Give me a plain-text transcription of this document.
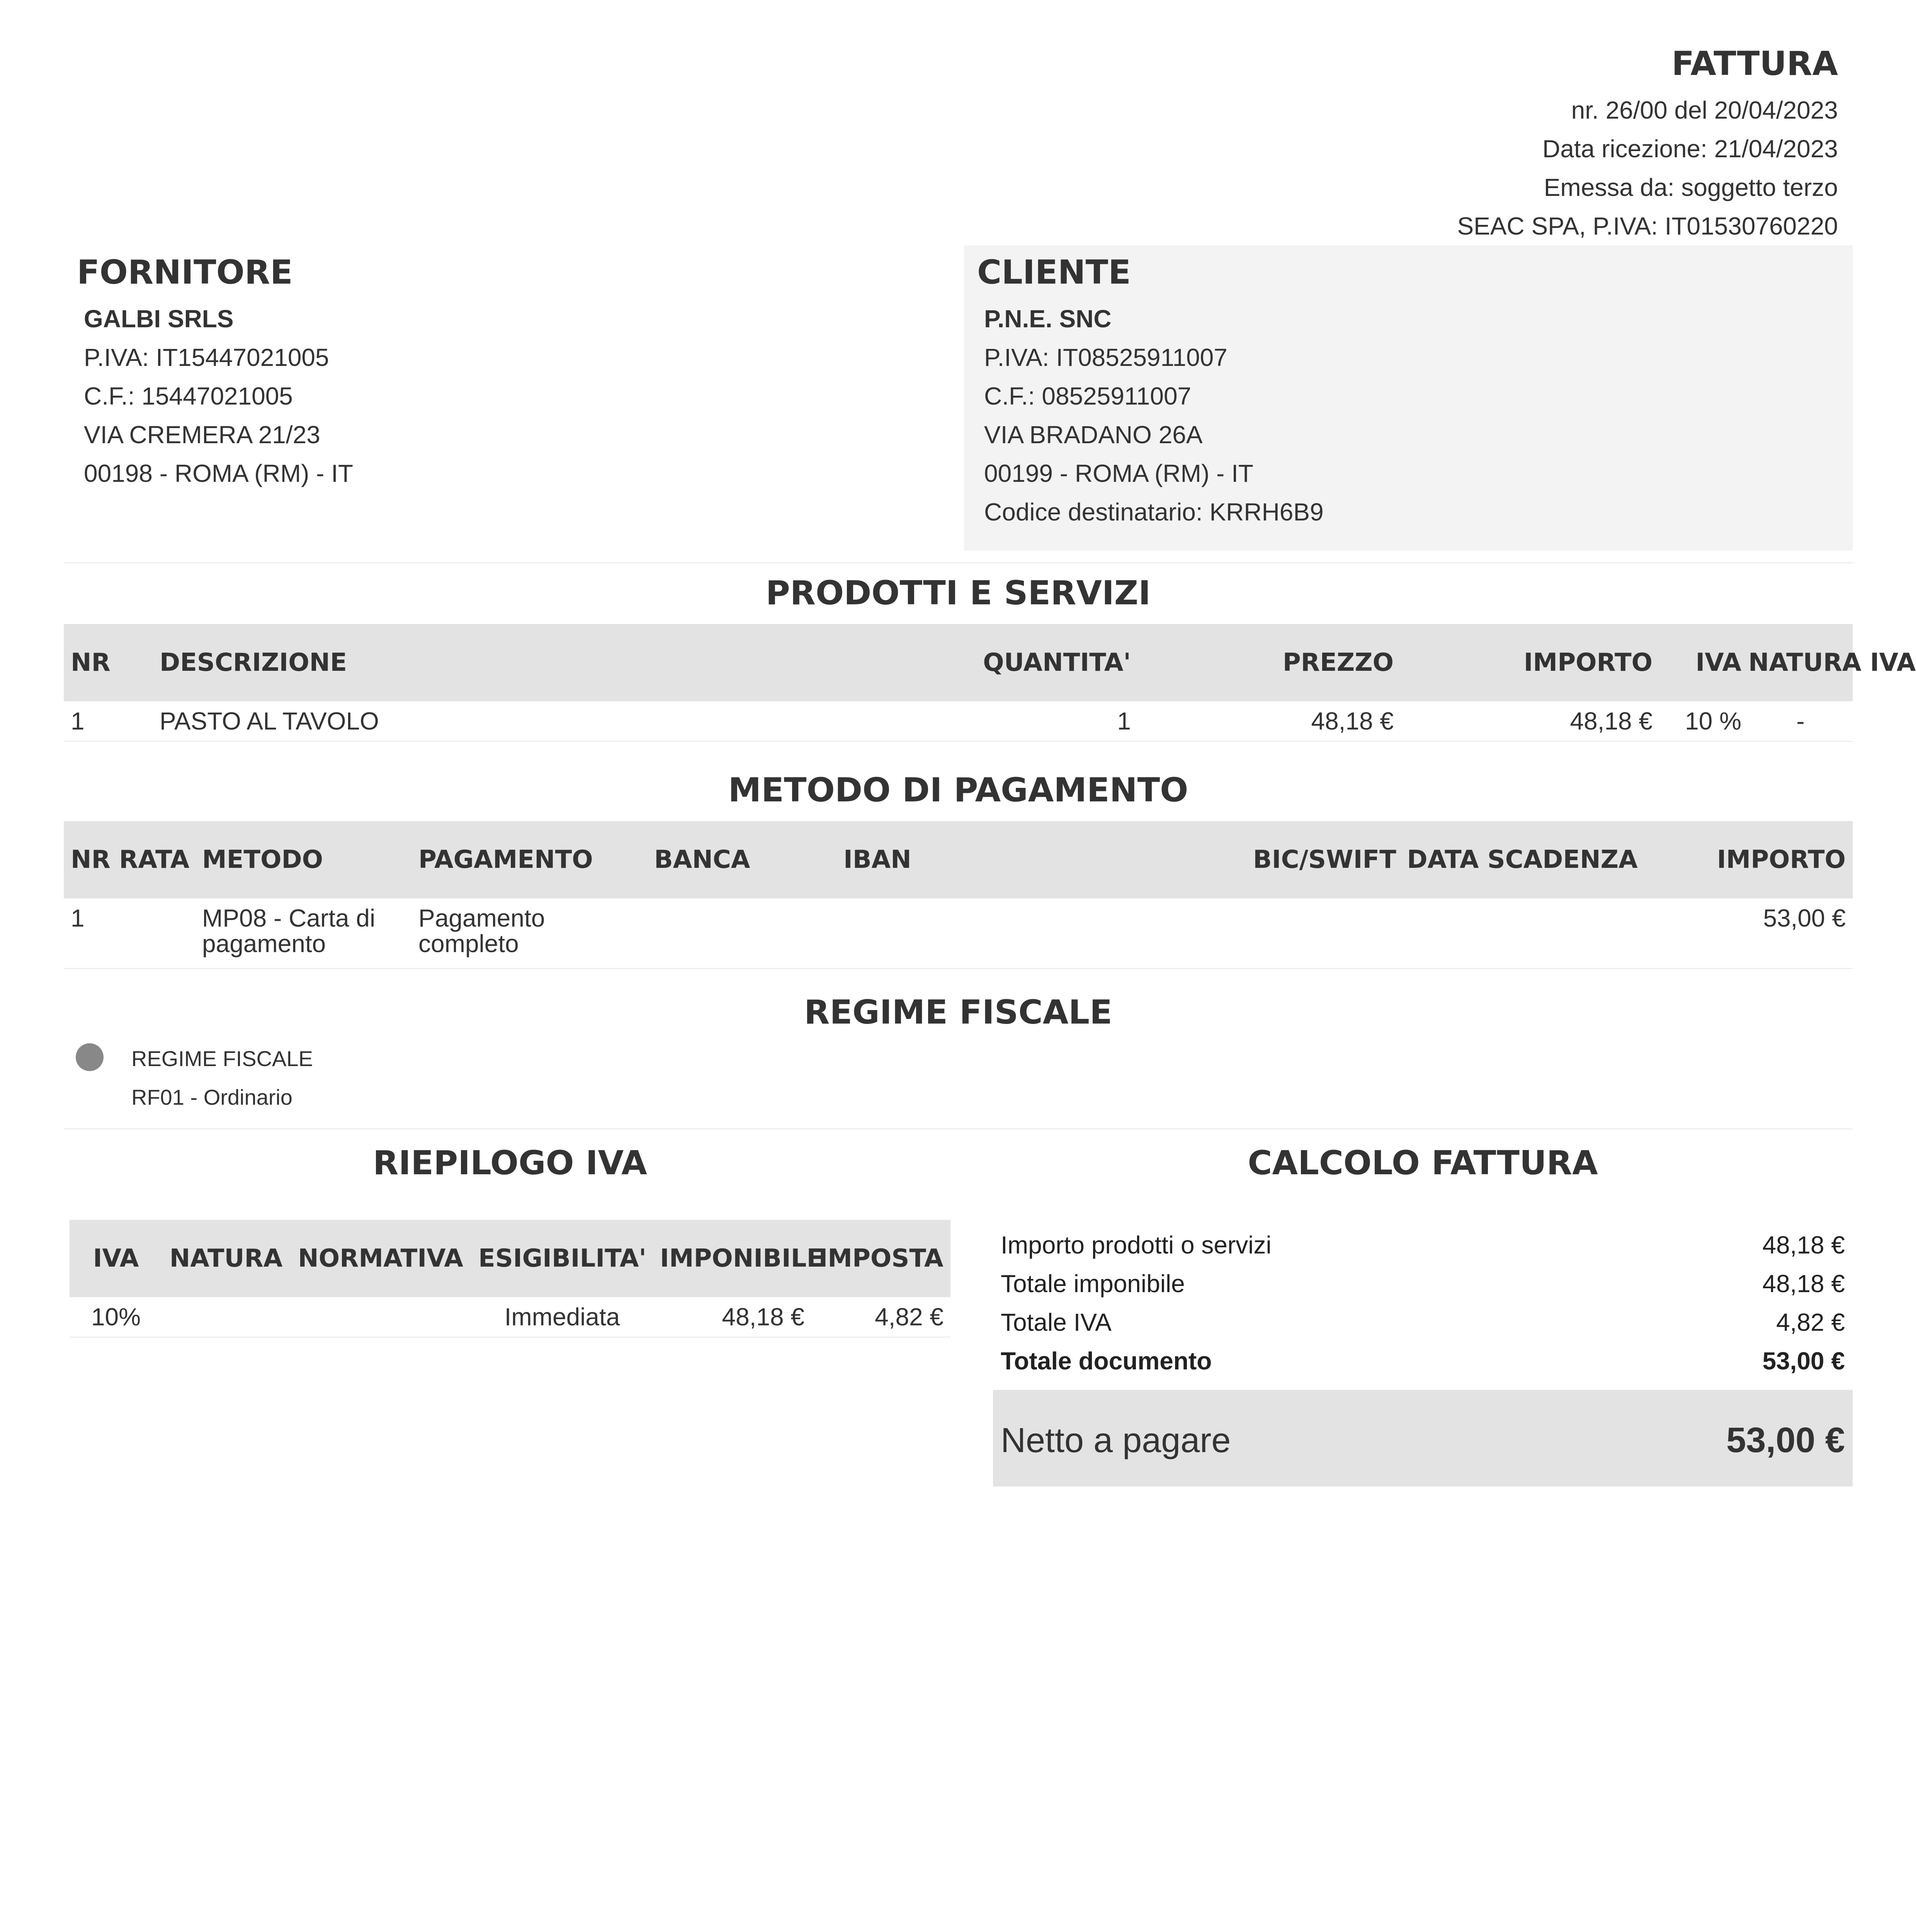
FATTURA
nr. 26/00 del 20/04/2023
Data ricezione: 21/04/2023
Emessa da: soggetto terzo
SEAC SPA, P.IVA: IT01530760220
FORNITORE
GALBI SRLS
P.IVA: IT15447021005
C.F.: 15447021005
VIA CREMERA 21/23
00198 - ROMA (RM) - IT
CLIENTE
P.N.E. SNC
P.IVA: IT08525911007
C.F.: 08525911007
VIA BRADANO 26A
00199 - ROMA (RM) - IT
Codice destinatario: KRRH6B9
PRODOTTI E SERVIZI
NR	DESCRIZIONE	QUANTITA'	PREZZO	IMPORTO	IVA	NATURA IVA
1	PASTO AL TAVOLO	1	48,18 €	48,18 €	10 %	-
METODO DI PAGAMENTO
NR RATA	METODO	PAGAMENTO	BANCA	IBAN	BIC/SWIFT	DATA SCADENZA	IMPORTO
1	MP08 - Carta di pagamento	Pagamento completo					53,00 €
REGIME FISCALE
REGIME FISCALE
RF01 - Ordinario
RIEPILOGO IVA
IVA	NATURA	NORMATIVA	ESIGIBILITA'	IMPONIBILE	IMPOSTA
10%			Immediata	48,18 €	4,82 €
CALCOLO FATTURA
Importo prodotti o servizi	48,18 €
Totale imponibile	48,18 €
Totale IVA	4,82 €
Totale documento	53,00 €
Netto a pagare	53,00 €
